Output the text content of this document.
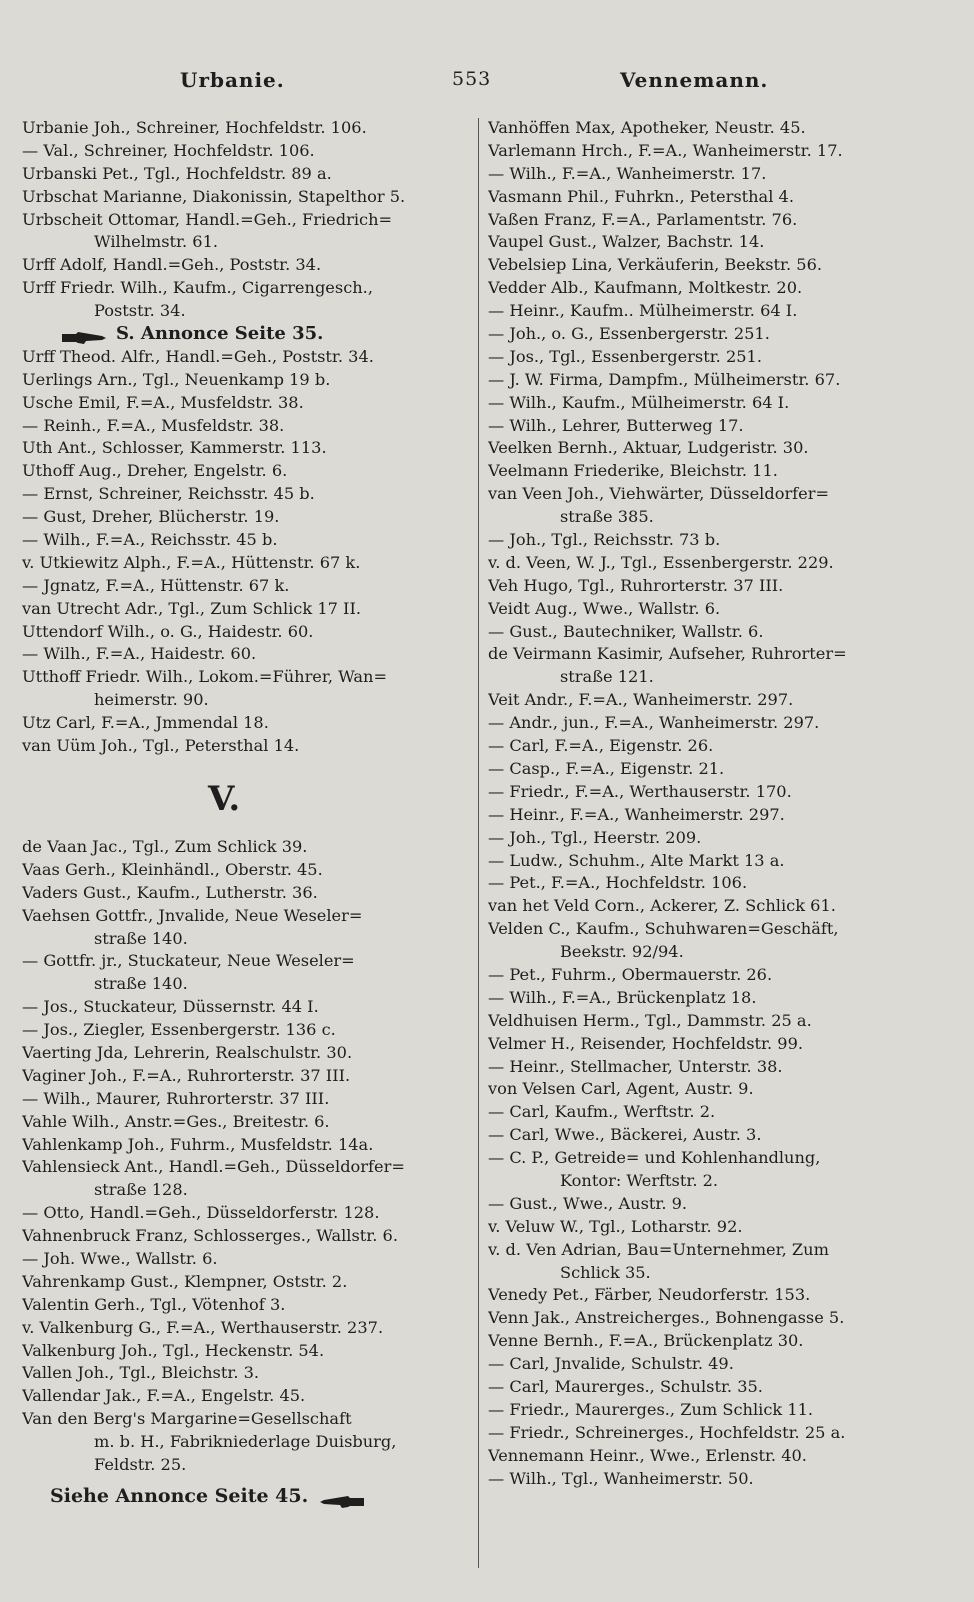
Urbanie.	553	Vennemann.
Urbanie Joh., Schreiner, Hochfeldstr. 106.
— Val., Schreiner, Hochfeldstr. 106.
Urbanski Pet., Tgl., Hochfeldstr. 89 a.
Urbschat Marianne, Diakonissin, Stapelthor 5.
Urbscheit Ottomar, Handl.=Geh., Friedrich=
Wilhelmstr. 61.
Urff Adolf, Handl.=Geh., Poststr. 34.
Urff Friedr. Wilh., Kaufm., Cigarrengesch.,
Poststr. 34.
S. Annonce Seite 35.
Urff Theod. Alfr., Handl.=Geh., Poststr. 34.
Uerlings Arn., Tgl., Neuenkamp 19 b.
Usche Emil, F.=A., Musfeldstr. 38.
— Reinh., F.=A., Musfeldstr. 38.
Uth Ant., Schlosser, Kammerstr. 113.
Uthoff Aug., Dreher, Engelstr. 6.
— Ernst, Schreiner, Reichsstr. 45 b.
— Gust, Dreher, Blücherstr. 19.
— Wilh., F.=A., Reichsstr. 45 b.
v. Utkiewitz Alph., F.=A., Hüttenstr. 67 k.
— Jgnatz, F.=A., Hüttenstr. 67 k.
van Utrecht Adr., Tgl., Zum Schlick 17 II.
Uttendorf Wilh., o. G., Haidestr. 60.
— Wilh., F.=A., Haidestr. 60.
Utthoff Friedr. Wilh., Lokom.=Führer, Wan=
heimerstr. 90.
Utz Carl, F.=A., Jmmendal 18.
van Uüm Joh., Tgl., Petersthal 14.
V.
de Vaan Jac., Tgl., Zum Schlick 39.
Vaas Gerh., Kleinhändl., Oberstr. 45.
Vaders Gust., Kaufm., Lutherstr. 36.
Vaehsen Gottfr., Jnvalide, Neue Weseler=
straße 140.
— Gottfr. jr., Stuckateur, Neue Weseler=
straße 140.
— Jos., Stuckateur, Düssernstr. 44 I.
— Jos., Ziegler, Essenbergerstr. 136 c.
Vaerting Jda, Lehrerin, Realschulstr. 30.
Vaginer Joh., F.=A., Ruhrorterstr. 37 III.
— Wilh., Maurer, Ruhrorterstr. 37 III.
Vahle Wilh., Anstr.=Ges., Breitestr. 6.
Vahlenkamp Joh., Fuhrm., Musfeldstr. 14a.
Vahlensieck Ant., Handl.=Geh., Düsseldorfer=
straße 128.
— Otto, Handl.=Geh., Düsseldorferstr. 128.
Vahnenbruck Franz, Schlosserges., Wallstr. 6.
— Joh. Wwe., Wallstr. 6.
Vahrenkamp Gust., Klempner, Oststr. 2.
Valentin Gerh., Tgl., Vötenhof 3.
v. Valkenburg G., F.=A., Werthauserstr. 237.
Valkenburg Joh., Tgl., Heckenstr. 54.
Vallen Joh., Tgl., Bleichstr. 3.
Vallendar Jak., F.=A., Engelstr. 45.
Van den Berg's Margarine=Gesellschaft
m. b. H., Fabrikniederlage Duisburg,
Feldstr. 25.
Siehe Annonce Seite 45.
Vanhöffen Max, Apotheker, Neustr. 45.
Varlemann Hrch., F.=A., Wanheimerstr. 17.
— Wilh., F.=A., Wanheimerstr. 17.
Vasmann Phil., Fuhrkn., Petersthal 4.
Vaßen Franz, F.=A., Parlamentstr. 76.
Vaupel Gust., Walzer, Bachstr. 14.
Vebelsiep Lina, Verkäuferin, Beekstr. 56.
Vedder Alb., Kaufmann, Moltkestr. 20.
— Heinr., Kaufm.. Mülheimerstr. 64 I.
— Joh., o. G., Essenbergerstr. 251.
— Jos., Tgl., Essenbergerstr. 251.
— J. W. Firma, Dampfm., Mülheimerstr. 67.
— Wilh., Kaufm., Mülheimerstr. 64 I.
— Wilh., Lehrer, Butterweg 17.
Veelken Bernh., Aktuar, Ludgeristr. 30.
Veelmann Friederike, Bleichstr. 11.
van Veen Joh., Viehwärter, Düsseldorfer=
straße 385.
— Joh., Tgl., Reichsstr. 73 b.
v. d. Veen, W. J., Tgl., Essenbergerstr. 229.
Veh Hugo, Tgl., Ruhrorterstr. 37 III.
Veidt Aug., Wwe., Wallstr. 6.
— Gust., Bautechniker, Wallstr. 6.
de Veirmann Kasimir, Aufseher, Ruhrorter=
straße 121.
Veit Andr., F.=A., Wanheimerstr. 297.
— Andr., jun., F.=A., Wanheimerstr. 297.
— Carl, F.=A., Eigenstr. 26.
— Casp., F.=A., Eigenstr. 21.
— Friedr., F.=A., Werthauserstr. 170.
— Heinr., F.=A., Wanheimerstr. 297.
— Joh., Tgl., Heerstr. 209.
— Ludw., Schuhm., Alte Markt 13 a.
— Pet., F.=A., Hochfeldstr. 106.
van het Veld Corn., Ackerer, Z. Schlick 61.
Velden C., Kaufm., Schuhwaren=Geschäft,
Beekstr. 92/94.
— Pet., Fuhrm., Obermauerstr. 26.
— Wilh., F.=A., Brückenplatz 18.
Veldhuisen Herm., Tgl., Dammstr. 25 a.
Velmer H., Reisender, Hochfeldstr. 99.
— Heinr., Stellmacher, Unterstr. 38.
von Velsen Carl, Agent, Austr. 9.
— Carl, Kaufm., Werftstr. 2.
— Carl, Wwe., Bäckerei, Austr. 3.
— C. P., Getreide= und Kohlenhandlung,
Kontor: Werftstr. 2.
— Gust., Wwe., Austr. 9.
v. Veluw W., Tgl., Lotharstr. 92.
v. d. Ven Adrian, Bau=Unternehmer, Zum
Schlick 35.
Venedy Pet., Färber, Neudorferstr. 153.
Venn Jak., Anstreicherges., Bohnengasse 5.
Venne Bernh., F.=A., Brückenplatz 30.
— Carl, Jnvalide, Schulstr. 49.
— Carl, Maurerges., Schulstr. 35.
— Friedr., Maurerges., Zum Schlick 11.
— Friedr., Schreinerges., Hochfeldstr. 25 a.
Vennemann Heinr., Wwe., Erlenstr. 40.
— Wilh., Tgl., Wanheimerstr. 50.
